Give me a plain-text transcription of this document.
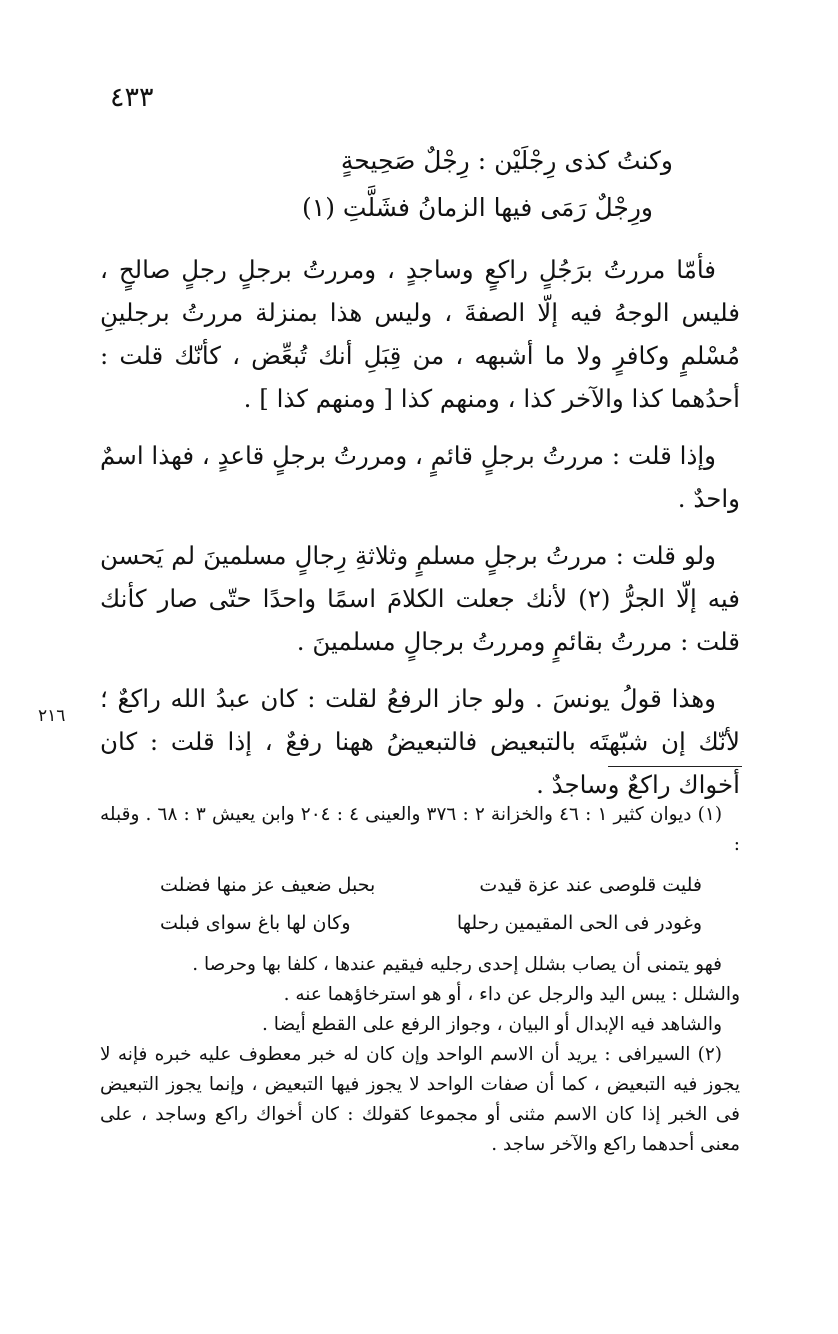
٤٣٣
٢١٦
وكنتُ كذى رِجْلَيْن : رِجْلٌ صَحِيحةٍ
ورِجْلٌ رَمَى فيها الزمانُ فشَلَّتِ (١)

فأمّا مررتُ برَجُلٍ راكعٍ وساجدٍ ، ومررتُ برجلٍ رجلٍ صالحٍ ، فليس الوجهُ فيه إلّا الصفةَ ، وليس هذا بمنزلة مررتُ برجلينِ مُسْلمٍ وكافرٍ ولا ما أشبهه ، من قِبَلِ أنك تُبعِّض ، كأنّك قلت : أحدُهما كذا والآخر كذا ، ومنهم كذا [ ومنهم كذا ] .

وإذا قلت : مررتُ برجلٍ قائمٍ ، ومررتُ برجلٍ قاعدٍ ، فهذا اسمٌ واحدٌ .

ولو قلت : مررتُ برجلٍ مسلمٍ وثلاثةِ رِجالٍ مسلمينَ لم يَحسن فيه إلّا الجرُّ (٢) لأنك جعلت الكلامَ اسمًا واحدًا حتّى صار كأنك قلت : مررتُ بقائمٍ ومررتُ برجالٍ مسلمينَ .

وهذا قولُ يونسَ . ولو جاز الرفعُ لقلت : كان عبدُ الله راكعٌ ؛ لأنّك إن شبّهتَه بالتبعيض فالتبعيضُ ههنا رفعٌ ، إذا قلت : كان أخواك راكعٌ وساجدٌ .

(١) ديوان كثير ١ : ٤٦ والخزانة ٢ : ٣٧٦ والعينى ٤ : ٢٠٤ وابن يعيش ٣ : ٦٨ . وقبله :

فليت قلوصى عند عزة قيدت
بحبل ضعيف عز منها فضلت
وغودر فى الحى المقيمين رحلها
وكان لها باغ سواى فبلت

فهو يتمنى أن يصاب بشلل إحدى رجليه فيقيم عندها ، كلفا بها وحرصا .

والشلل : يبس اليد والرجل عن داء ، أو هو استرخاؤهما عنه .

والشاهد فيه الإبدال أو البيان ، وجواز الرفع على القطع أيضا .

(٢) السيرافى : يريد أن الاسم الواحد وإن كان له خبر معطوف عليه خبره فإنه لا يجوز فيه التبعيض ، كما أن صفات الواحد لا يجوز فيها التبعيض ، وإنما يجوز التبعيض فى الخبر إذا كان الاسم مثنى أو مجموعا كقولك : كان أخواك راكع وساجد ، على معنى أحدهما راكع والآخر ساجد .
